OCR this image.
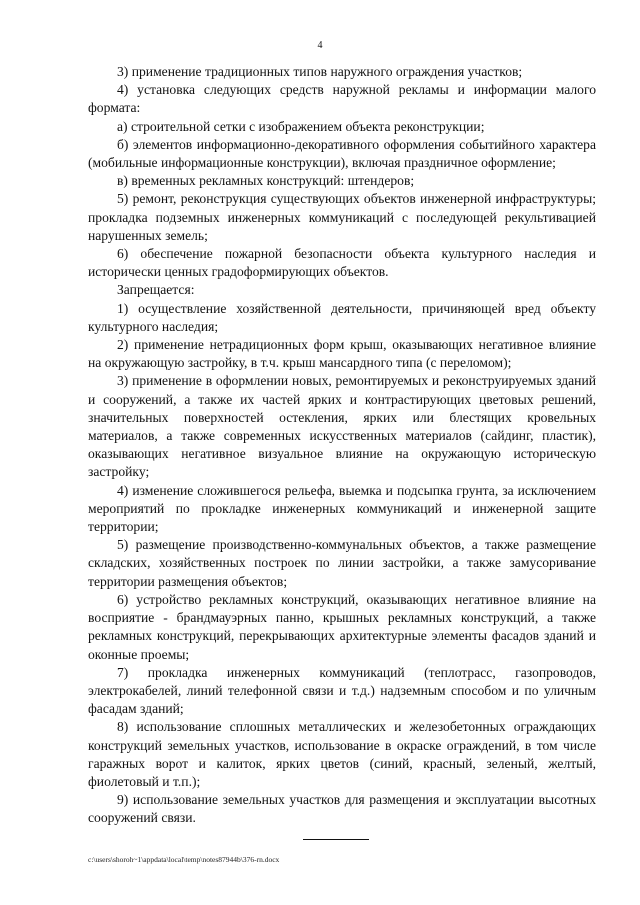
4

3) применение традиционных типов наружного ограждения участков;

4) установка следующих средств наружной рекламы и информации малого формата:

а) строительной сетки с изображением объекта реконструкции;

б) элементов информационно-декоративного оформления событийного характера (мобильные информационные конструкции), включая праздничное оформление;

в) временных рекламных конструкций: штендеров;

5) ремонт, реконструкция существующих объектов инженерной инфраструктуры; прокладка подземных инженерных коммуникаций с последующей рекультивацией нарушенных земель;

6) обеспечение пожарной безопасности объекта культурного наследия и исторически ценных градоформирующих объектов.

Запрещается:

1) осуществление хозяйственной деятельности, причиняющей вред объекту культурного наследия;

2) применение нетрадиционных форм крыш, оказывающих негативное влияние на окружающую застройку, в т.ч. крыш мансардного типа (с переломом);

3) применение в оформлении новых, ремонтируемых и реконструируемых зданий и сооружений, а также их частей ярких и контрастирующих цветовых решений, значительных поверхностей остекления, ярких или блестящих кровельных материалов, а также современных искусственных материалов (сайдинг, пластик), оказывающих негативное визуальное влияние на окружающую историческую застройку;

4) изменение сложившегося рельефа, выемка и подсыпка грунта, за исключением мероприятий по прокладке инженерных коммуникаций и инженерной защите территории;

5) размещение производственно-коммунальных объектов, а также размещение складских, хозяйственных построек по линии застройки, а также замусоривание территории размещения объектов;

6) устройство рекламных конструкций, оказывающих негативное влияние на восприятие - брандмауэрных панно, крышных рекламных конструкций, а также рекламных конструкций, перекрывающих архитектурные элементы фасадов зданий и оконные проемы;

7) прокладка инженерных коммуникаций (теплотрасс, газопроводов, электрокабелей, линий телефонной связи и т.д.) надземным способом и по уличным фасадам зданий;

8) использование сплошных металлических и железобетонных ограждающих конструкций земельных участков, использование в окраске ограждений, в том числе гаражных ворот и калиток, ярких цветов (синий, красный, зеленый, желтый, фиолетовый и т.п.);

9) использование земельных участков для размещения и эксплуатации высотных сооружений связи.

c:\users\shoroh~1\appdata\local\temp\notes87944b\376-rn.docx
